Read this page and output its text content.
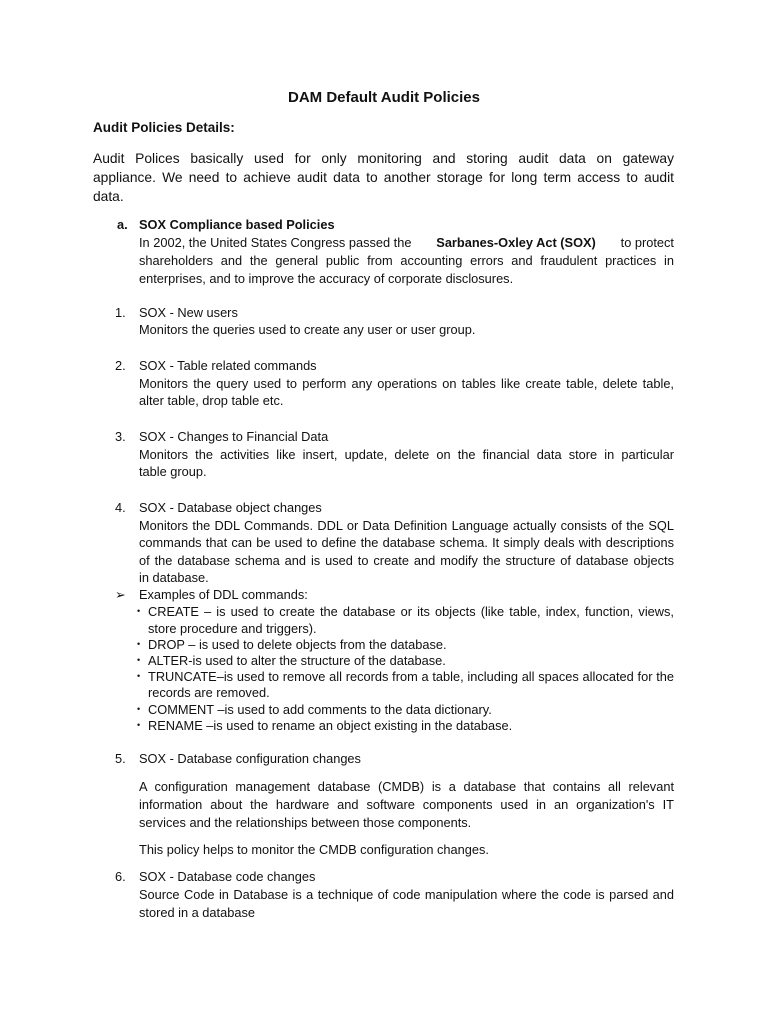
DAM Default Audit Policies
Audit Policies Details:
Audit Polices basically used for only monitoring and storing audit data on gateway
appliance. We need to achieve audit data to another storage for long term access to audit
data.
a. SOX Compliance based Policies
In 2002, the United States Congress passed the Sarbanes-Oxley Act (SOX) to protect
shareholders and the general public from accounting errors and fraudulent practices in
enterprises, and to improve the accuracy of corporate disclosures.
1. SOX - New users
Monitors the queries used to create any user or user group.
2. SOX - Table related commands
Monitors the query used to perform any operations on tables like create table, delete table,
alter table, drop table etc.
3. SOX - Changes to Financial Data
Monitors the activities like insert, update, delete on the financial data store in particular
table group.
4. SOX - Database object changes
Monitors the DDL Commands. DDL or Data Definition Language actually consists of the SQL
commands that can be used to define the database schema. It simply deals with descriptions
of the database schema and is used to create and modify the structure of database objects
in database.
➢ Examples of DDL commands:
• CREATE – is used to create the database or its objects (like table, index, function, views,
store procedure and triggers).
• DROP – is used to delete objects from the database.
• ALTER-is used to alter the structure of the database.
• TRUNCATE–is used to remove all records from a table, including all spaces allocated for the
records are removed.
• COMMENT –is used to add comments to the data dictionary.
• RENAME –is used to rename an object existing in the database.
5. SOX - Database configuration changes
A configuration management database (CMDB) is a database that contains all relevant
information about the hardware and software components used in an organization's IT
services and the relationships between those components.
This policy helps to monitor the CMDB configuration changes.
6. SOX - Database code changes
Source Code in Database is a technique of code manipulation where the code is parsed and
stored in a database
